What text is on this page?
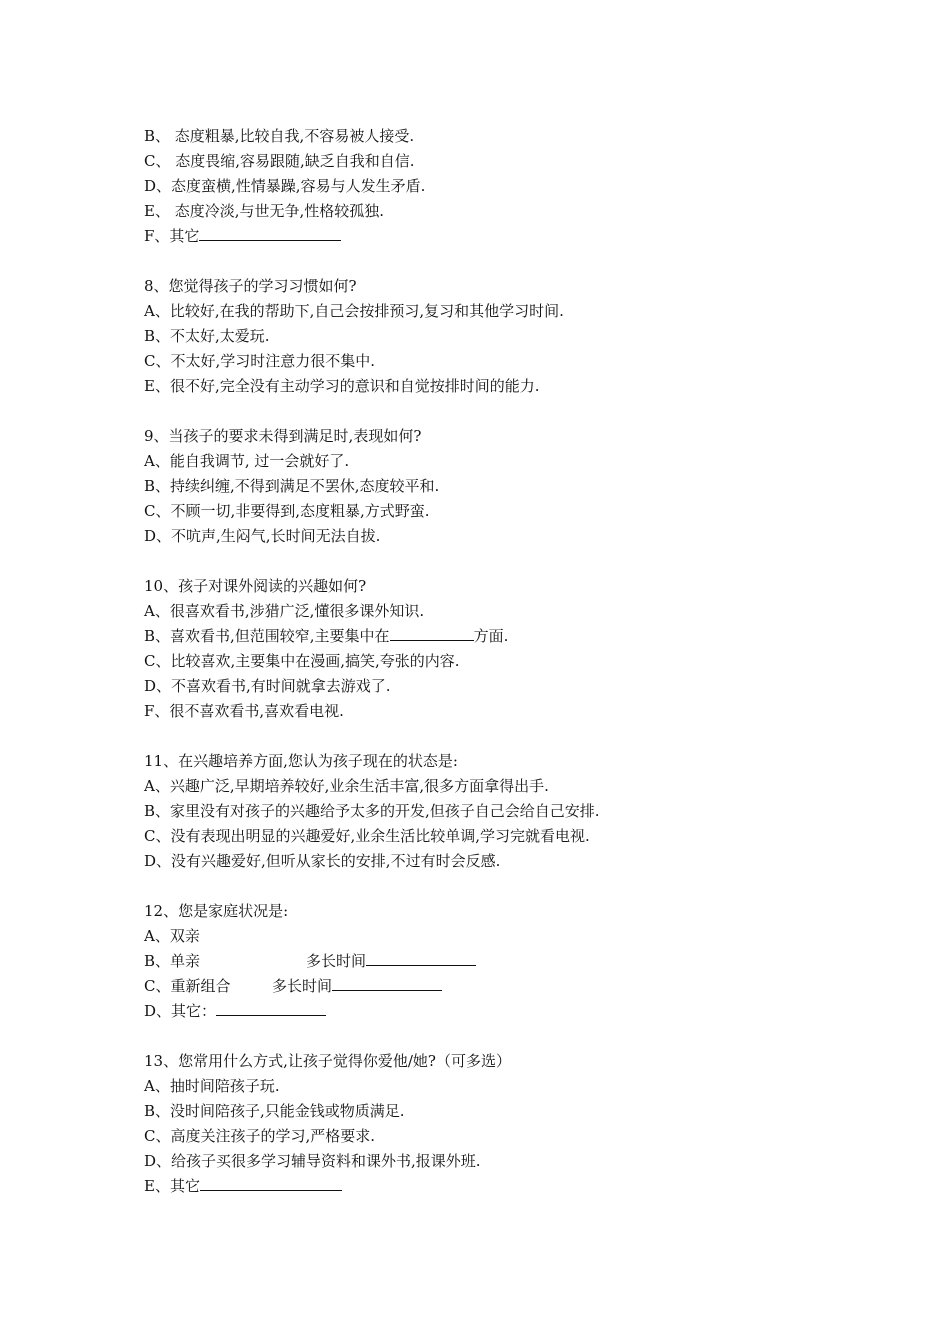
B、 态度粗暴,比较自我,不容易被人接受.
C、 态度畏缩,容易跟随,缺乏自我和自信.
D、态度蛮横,性情暴躁,容易与人发生矛盾.
E、 态度冷淡,与世无争,性格较孤独.
F、其它
8、您觉得孩子的学习习惯如何?
A、比较好,在我的帮助下,自己会按排预习,复习和其他学习时间.
B、不太好,太爱玩.
C、不太好,学习时注意力很不集中.
E、很不好,完全没有主动学习的意识和自觉按排时间的能力.
9、当孩子的要求未得到满足时,表现如何?
A、能自我调节, 过一会就好了.
B、持续纠缠,不得到满足不罢休,态度较平和.
C、不顾一切,非要得到,态度粗暴,方式野蛮.
D、不吭声,生闷气,长时间无法自拔.
10、孩子对课外阅读的兴趣如何?
A、很喜欢看书,涉猎广泛,懂很多课外知识.
B、喜欢看书,但范围较窄,主要集中在	方面.
C、比较喜欢,主要集中在漫画,搞笑,夸张的内容.
D、不喜欢看书,有时间就拿去游戏了.
F、很不喜欢看书,喜欢看电视.
11、在兴趣培养方面,您认为孩子现在的状态是:
A、兴趣广泛,早期培养较好,业余生活丰富,很多方面拿得出手.
B、家里没有对孩子的兴趣给予太多的开发,但孩子自己会给自己安排.
C、没有表现出明显的兴趣爱好,业余生活比较单调,学习完就看电视.
D、没有兴趣爱好,但听从家长的安排,不过有时会反感.
12、您是家庭状况是:
A、双亲
B、单亲	多长时间
C、重新组合	多长时间
D、其它：
13、您常用什么方式,让孩子觉得你爱他/她?（可多选）
A、抽时间陪孩子玩.
B、没时间陪孩子,只能金钱或物质满足.
C、高度关注孩子的学习,严格要求.
D、给孩子买很多学习辅导资料和课外书,报课外班.
E、其它
